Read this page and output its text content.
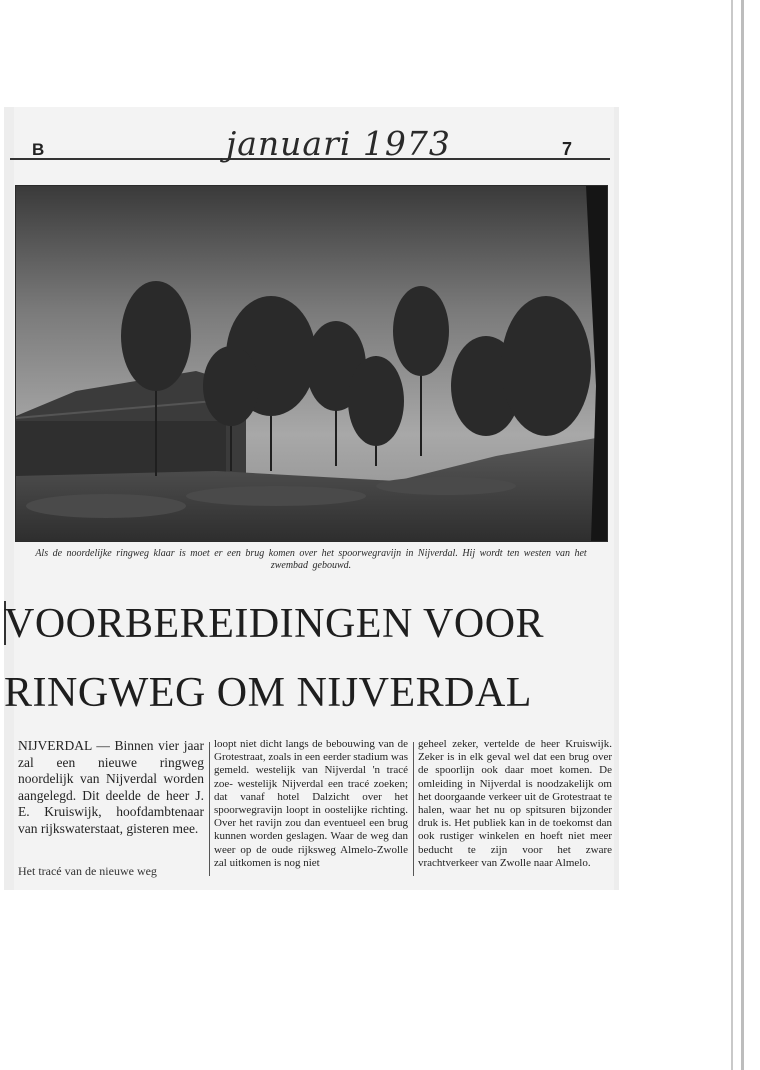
B	januari 1973	7
Als de noordelijke ringweg klaar is moet er een brug komen over het spoorwegravijn in Nijverdal. Hij wordt ten westen van het zwembad gebouwd.
VOORBEREIDINGEN VOOR
RINGWEG OM NIJVERDAL

NIJVERDAL — Binnen vier jaar zal een nieuwe ringweg noordelijk van Nijverdal worden aangelegd. Dit deelde de heer J. E. Kruiswijk, hoofdambtenaar van rijkswaterstaat, gisteren mee.

Het tracé van de nieuwe weg

loopt niet dicht langs de bebouwing van de Grotestraat, zoals in een eerder stadium was gemeld. westelijk van Nijverdal 'n tracé zoe- westelijk Nijverdal een tracé zoeken; dat vanaf hotel Dalzicht over het spoorwegravijn loopt in oostelijke richting. Over het ravijn zou dan eventueel een brug kunnen worden geslagen. Waar de weg dan weer op de oude rijksweg Almelo-Zwolle zal uitkomen is nog niet

geheel zeker, vertelde de heer Kruiswijk. Zeker is in elk geval wel dat een brug over de spoorlijn ook daar moet komen. De omleiding in Nijverdal is noodzakelijk om het doorgaande verkeer uit de Grotestraat te halen, waar het nu op spitsuren bijzonder druk is. Het publiek kan in de toekomst dan ook rustiger winkelen en hoeft niet meer beducht te zijn voor het zware vrachtverkeer van Zwolle naar Almelo.
